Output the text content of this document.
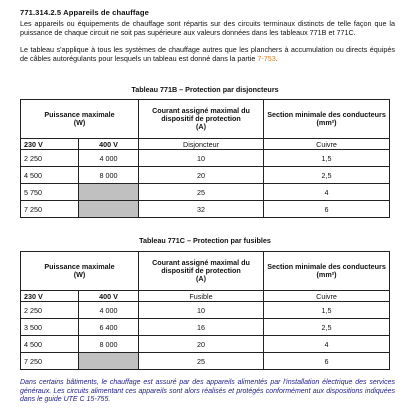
771.314.2.5 Appareils de chauffage
Les appareils ou équipements de chauffage sont répartis sur des circuits terminaux distincts de telle façon que la puissance de chaque circuit ne soit pas supérieure aux valeurs données dans les tableaux 771B et 771C.
Le tableau s'applique à tous les systèmes de chauffage autres que les planchers à accumulation ou directs équipés de câbles autorégulants pour lesquels un tableau est donné dans la partie 7-753.
Tableau 771B – Protection par disjoncteurs
Puissance maximale
(W)		Courant assigné maximal du dispositif de protection
(A)	Section minimale des conducteurs
(mm²)
230 V	400 V	Disjoncteur	Cuivre
2 250	4 000	10	1,5
4 500	8 000	20	2,5
5 750		25	4
7 250		32	6
Tableau 771C – Protection par fusibles
Puissance maximale
(W)		Courant assigné maximal du dispositif de protection
(A)	Section minimale des conducteurs
(mm²)
230 V	400 V	Fusible	Cuivre
2 250	4 000	10	1,5
3 500	6 400	16	2,5
4 500	8 000	20	4
7 250		25	6
Dans certains bâtiments, le chauffage est assuré par des appareils alimentés par l'installation électrique des services généraux. Les circuits alimentant ces appareils sont alors réalisés et protégés conformément aux dispositions indiquées dans le guide UTE C 15-755.
